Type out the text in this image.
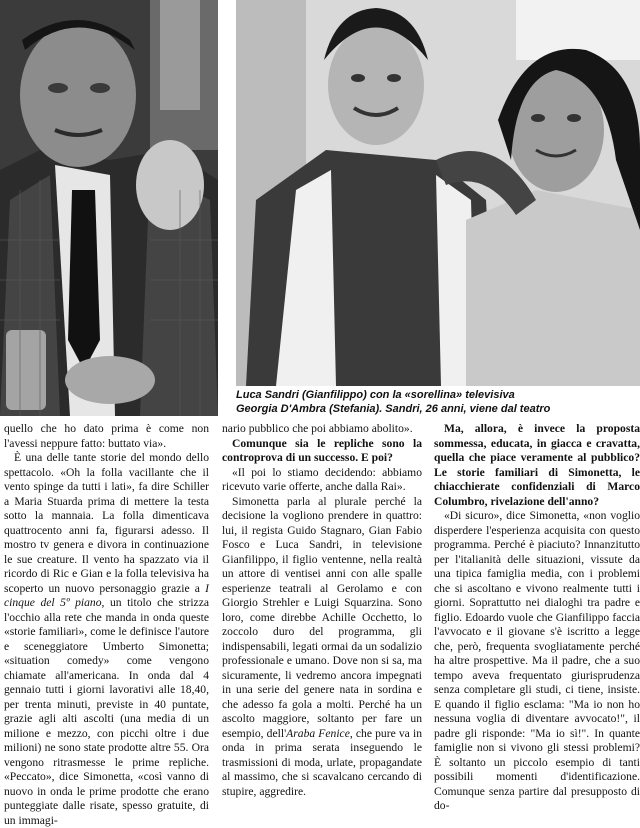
Luca Sandri (Gianfilippo) con la «sorellina» televisiva
Georgia D'Ambra (Stefania). Sandri, 26 anni, viene dal teatro

quello che ho dato prima è come non l'avessi neppure fatto: buttato via».

È una delle tante storie del mondo dello spettacolo. «Oh la folla vacillante che il vento spinge da tutti i lati», fa dire Schiller a Maria Stuarda prima di mettere la testa sotto la mannaia. La folla dimenticava quattrocento anni fa, figurarsi adesso. Il mostro tv genera e divora in continuazione le sue creature. Il vento ha spazzato via il ricordo di Ric e Gian e la folla televisiva ha scoperto un nuovo personaggio grazie a I cinque del 5º piano, un titolo che strizza l'occhio alla rete che manda in onda queste «storie familiari», come le definisce l'autore e sceneggiatore Umberto Simonetta; «situation comedy» come vengono chiamate all'americana. In onda dal 4 gennaio tutti i giorni lavorativi alle 18,40, per trenta minuti, previste in 40 puntate, grazie agli alti ascolti (una media di un milione e mezzo, con picchi oltre i due milioni) ne sono state prodotte altre 55. Ora vengono ritrasmesse le prime repliche. «Peccato», dice Simonetta, «così vanno di nuovo in onda le prime prodotte che erano punteggiate dalle risate, spesso gratuite, di un immagi-

nario pubblico che poi abbiamo abolito».

Comunque sia le repliche sono la controprova di un successo. E poi?

«Il poi lo stiamo decidendo: abbiamo ricevuto varie offerte, anche dalla Rai».

Simonetta parla al plurale perché la decisione la vogliono prendere in quattro: lui, il regista Guido Stagnaro, Gian Fabio Fosco e Luca Sandri, in televisione Gianfilippo, il figlio ventenne, nella realtà un attore di ventisei anni con alle spalle esperienze teatrali al Gerolamo e con Giorgio Strehler e Luigi Squarzina. Sono loro, come direbbe Achille Occhetto, lo zoccolo duro del programma, gli indispensabili, legati ormai da un sodalizio professionale e umano. Dove non si sa, ma sicuramente, li vedremo ancora impegnati in una serie del genere nata in sordina e che adesso fa gola a molti. Perché ha un ascolto maggiore, soltanto per fare un esempio, dell'Araba Fenice, che pure va in onda in prima serata inseguendo le trasmissioni di moda, urlate, propagandate al massimo, che si scavalcano cercando di stupire, aggredire.

Ma, allora, è invece la proposta sommessa, educata, in giacca e cravatta, quella che piace veramente al pubblico? Le storie familiari di Simonetta, le chiacchierate confidenziali di Marco Columbro, rivelazione dell'anno?

«Di sicuro», dice Simonetta, «non voglio disperdere l'esperienza acquisita con questo programma. Perché è piaciuto? Innanzitutto per l'italianità delle situazioni, vissute da una tipica famiglia media, con i problemi che si ascoltano e vivono realmente tutti i giorni. Soprattutto nei dialoghi tra padre e figlio. Edoardo vuole che Gianfilippo faccia l'avvocato e il giovane s'è iscritto a legge che, però, frequenta svogliatamente perché ha altre prospettive. Ma il padre, che a suo tempo aveva frequentato giurisprudenza senza completare gli studi, ci tiene, insiste. E quando il figlio esclama: "Ma io non ho nessuna voglia di diventare avvocato!", il padre gli risponde: "Ma io sì!". In quante famiglie non si vivono gli stessi problemi? È soltanto un piccolo esempio di tanti possibili momenti d'identificazione. Comunque senza partire dal presupposto di do-
